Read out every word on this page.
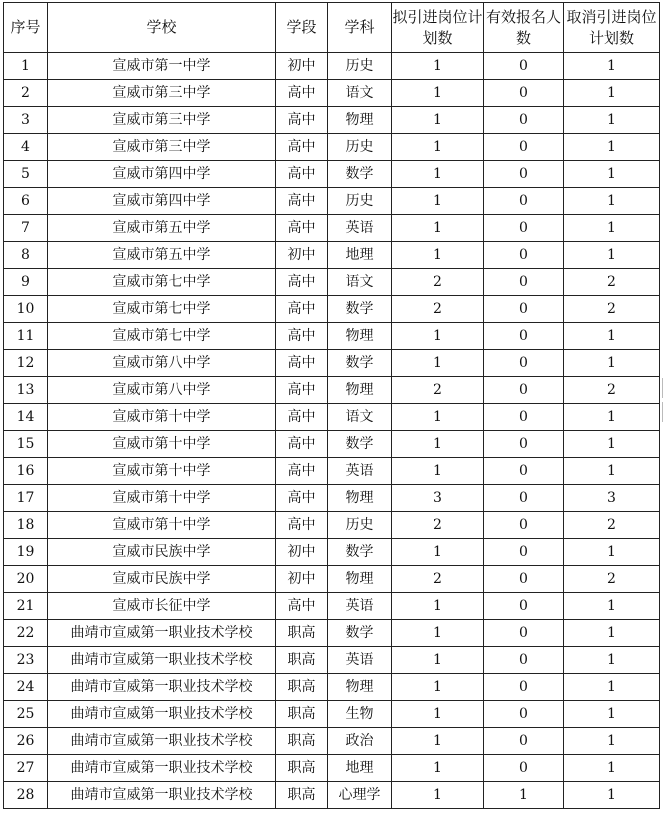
序号	学校	学段	学科	拟引进岗位计划数	有效报名人数	取消引进岗位计划数
1	宣威市第一中学	初中	历史	1	0	1
2	宣威市第三中学	高中	语文	1	0	1
3	宣威市第三中学	高中	物理	1	0	1
4	宣威市第三中学	高中	历史	1	0	1
5	宣威市第四中学	高中	数学	1	0	1
6	宣威市第四中学	高中	历史	1	0	1
7	宣威市第五中学	高中	英语	1	0	1
8	宣威市第五中学	初中	地理	1	0	1
9	宣威市第七中学	高中	语文	2	0	2
10	宣威市第七中学	高中	数学	2	0	2
11	宣威市第七中学	高中	物理	1	0	1
12	宣威市第八中学	高中	数学	1	0	1
13	宣威市第八中学	高中	物理	2	0	2
14	宣威市第十中学	高中	语文	1	0	1
15	宣威市第十中学	高中	数学	1	0	1
16	宣威市第十中学	高中	英语	1	0	1
17	宣威市第十中学	高中	物理	3	0	3
18	宣威市第十中学	高中	历史	2	0	2
19	宣威市民族中学	初中	数学	1	0	1
20	宣威市民族中学	初中	物理	2	0	2
21	宣威市长征中学	高中	英语	1	0	1
22	曲靖市宣威第一职业技术学校	职高	数学	1	0	1
23	曲靖市宣威第一职业技术学校	职高	英语	1	0	1
24	曲靖市宣威第一职业技术学校	职高	物理	1	0	1
25	曲靖市宣威第一职业技术学校	职高	生物	1	0	1
26	曲靖市宣威第一职业技术学校	职高	政治	1	0	1
27	曲靖市宣威第一职业技术学校	职高	地理	1	0	1
28	曲靖市宣威第一职业技术学校	职高	心理学	1	1	1
